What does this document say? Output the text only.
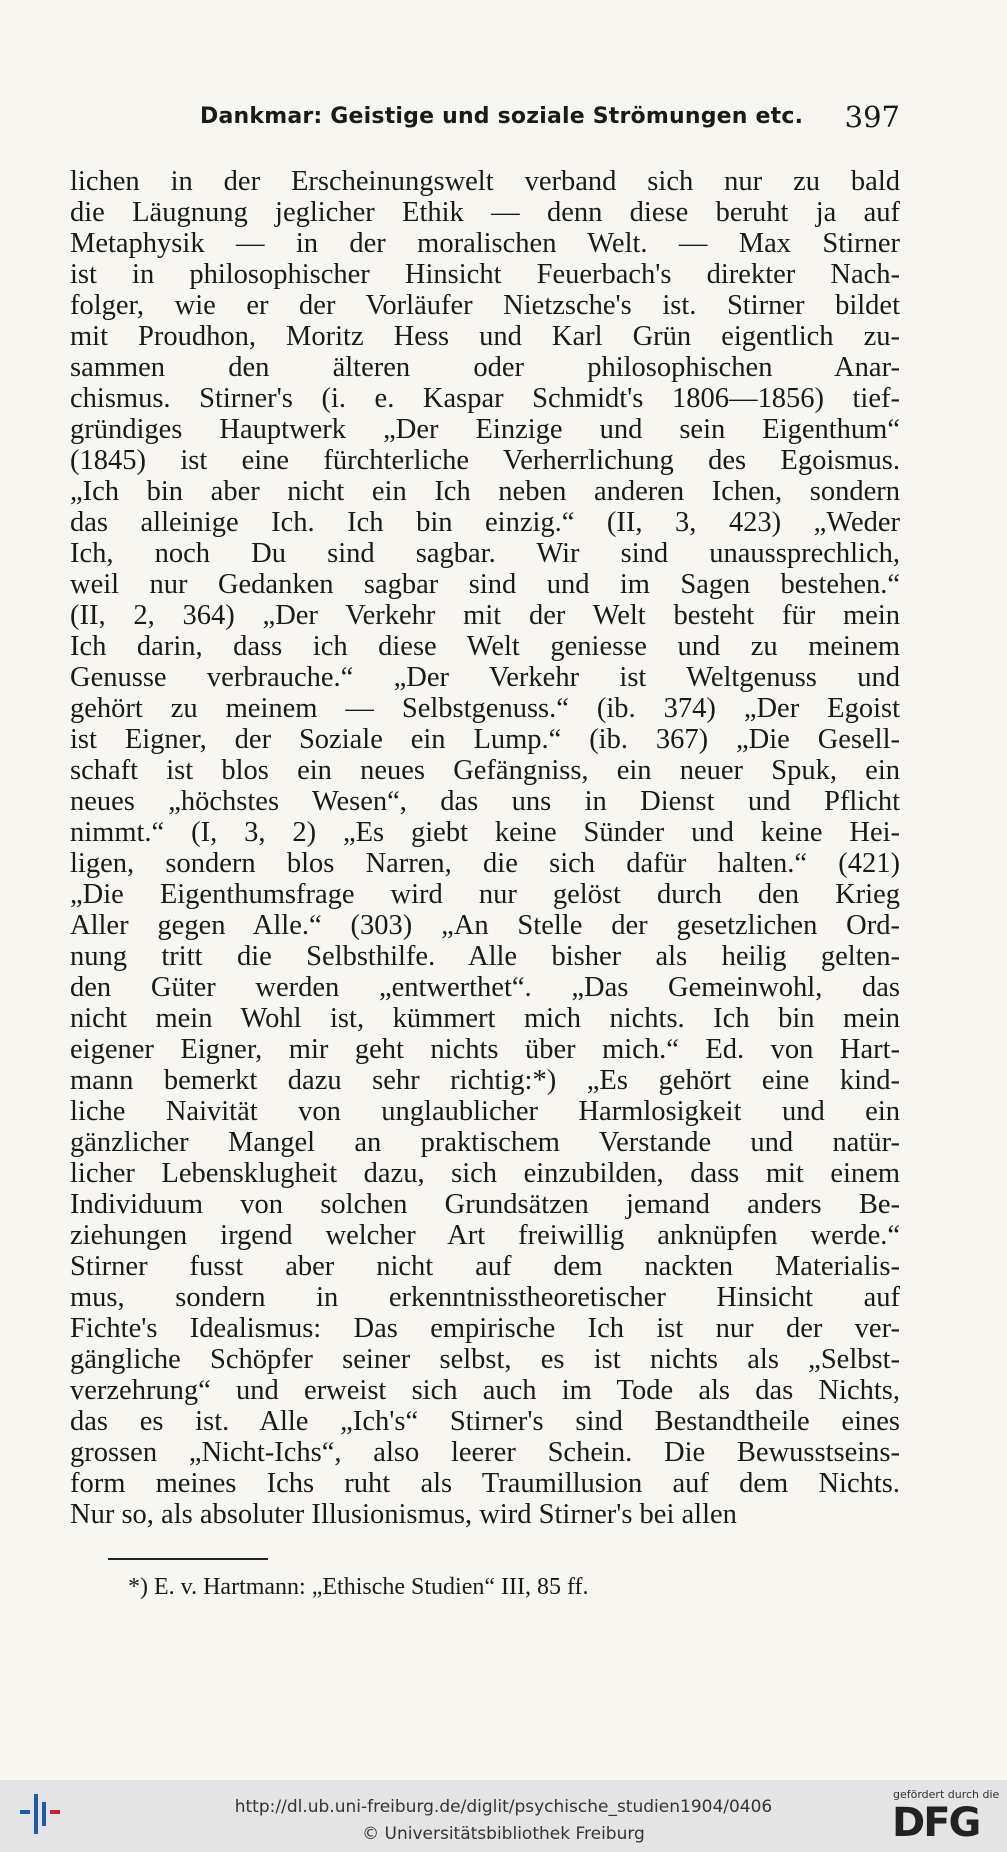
Dankmar: Geistige und soziale Strömungen etc. 397
lichen in der Erscheinungswelt verband sich nur zu bald
die Läugnung jeglicher Ethik — denn diese beruht ja auf
Metaphysik — in der moralischen Welt. — Max Stirner
ist in philosophischer Hinsicht Feuerbach's direkter Nach-
folger, wie er der Vorläufer Nietzsche's ist. Stirner bildet
mit Proudhon, Moritz Hess und Karl Grün eigentlich zu-
sammen den älteren oder philosophischen Anar-
chismus. Stirner's (i. e. Kaspar Schmidt's 1806—1856) tief-
gründiges Hauptwerk „Der Einzige und sein Eigenthum“
(1845) ist eine fürchterliche Verherrlichung des Egoismus.
„Ich bin aber nicht ein Ich neben anderen Ichen, sondern
das alleinige Ich. Ich bin einzig.“ (II, 3, 423) „Weder
Ich, noch Du sind sagbar. Wir sind unaussprechlich,
weil nur Gedanken sagbar sind und im Sagen bestehen.“
(II, 2, 364) „Der Verkehr mit der Welt besteht für mein
Ich darin, dass ich diese Welt geniesse und zu meinem
Genusse verbrauche.“ „Der Verkehr ist Weltgenuss und
gehört zu meinem — Selbstgenuss.“ (ib. 374) „Der Egoist
ist Eigner, der Soziale ein Lump.“ (ib. 367) „Die Gesell-
schaft ist blos ein neues Gefängniss, ein neuer Spuk, ein
neues „höchstes Wesen“, das uns in Dienst und Pflicht
nimmt.“ (I, 3, 2) „Es giebt keine Sünder und keine Hei-
ligen, sondern blos Narren, die sich dafür halten.“ (421)
„Die Eigenthumsfrage wird nur gelöst durch den Krieg
Aller gegen Alle.“ (303) „An Stelle der gesetzlichen Ord-
nung tritt die Selbsthilfe. Alle bisher als heilig gelten-
den Güter werden „entwerthet“. „Das Gemeinwohl, das
nicht mein Wohl ist, kümmert mich nichts. Ich bin mein
eigener Eigner, mir geht nichts über mich.“ Ed. von Hart-
mann bemerkt dazu sehr richtig:*) „Es gehört eine kind-
liche Naivität von unglaublicher Harmlosigkeit und ein
gänzlicher Mangel an praktischem Verstande und natür-
licher Lebensklugheit dazu, sich einzubilden, dass mit einem
Individuum von solchen Grundsätzen jemand anders Be-
ziehungen irgend welcher Art freiwillig anknüpfen werde.“
Stirner fusst aber nicht auf dem nackten Materialis-
mus, sondern in erkenntnisstheoretischer Hinsicht auf
Fichte's Idealismus: Das empirische Ich ist nur der ver-
gängliche Schöpfer seiner selbst, es ist nichts als „Selbst-
verzehrung“ und erweist sich auch im Tode als das Nichts,
das es ist. Alle „Ich's“ Stirner's sind Bestandtheile eines
grossen „Nicht-Ichs“, also leerer Schein. Die Bewusstseins-
form meines Ichs ruht als Traumillusion auf dem Nichts.
Nur so, als absoluter Illusionismus, wird Stirner's bei allen
*) E. v. Hartmann: „Ethische Studien“ III, 85 ff.
http://dl.ub.uni-freiburg.de/diglit/psychische_studien1904/0406
© Universitätsbibliothek Freiburg
gefördert durch die
DFG
